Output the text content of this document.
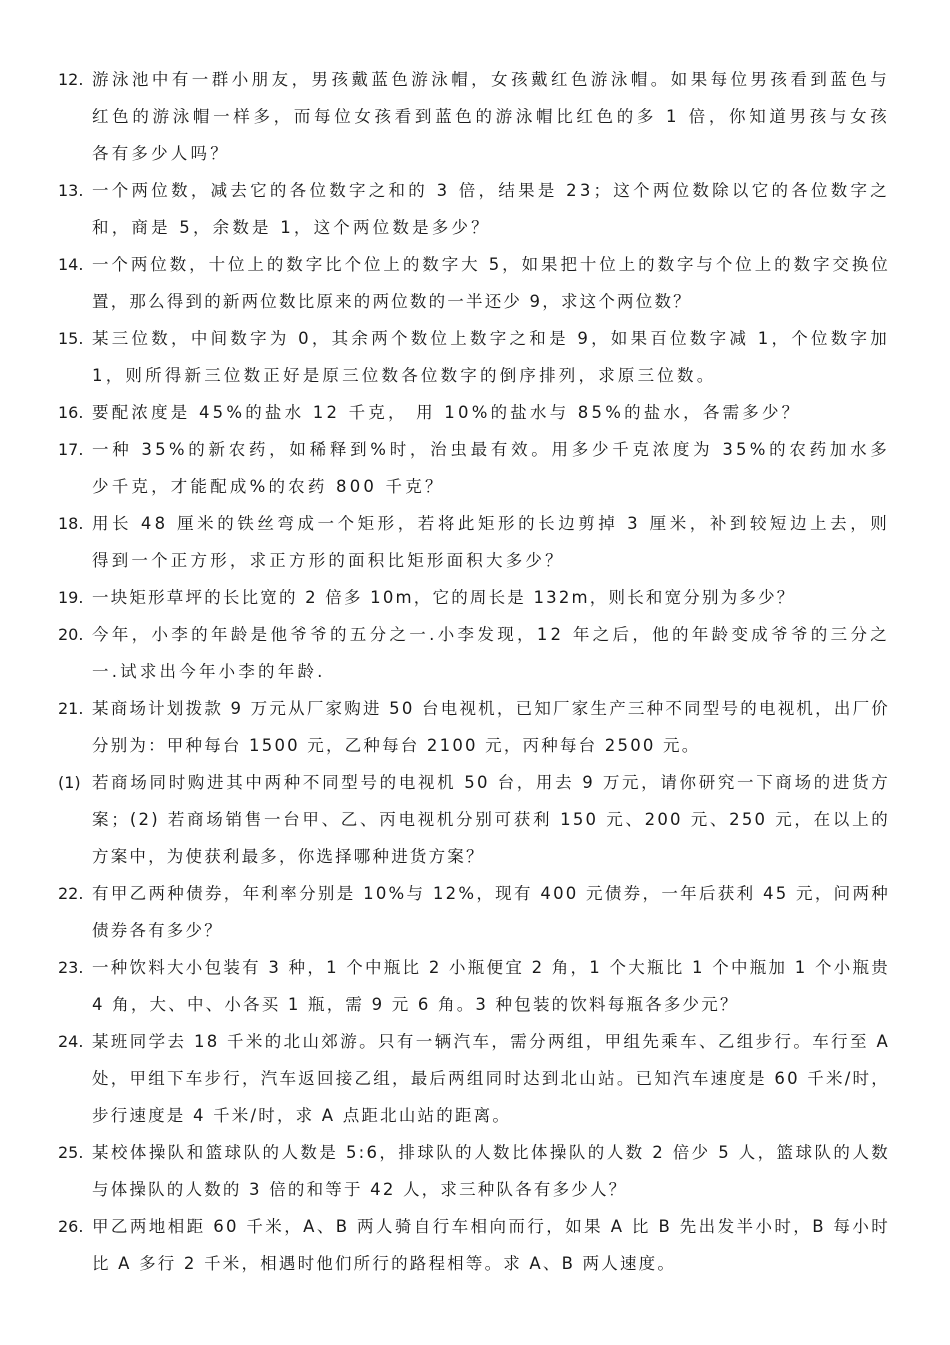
12. 游泳池中有一群小朋友，男孩戴蓝色游泳帽，女孩戴红色游泳帽。如果每位男孩看到蓝色与红色的游泳帽一样多，而每位女孩看到蓝色的游泳帽比红色的多 1 倍，你知道男孩与女孩各有多少人吗？
13. 一个两位数，减去它的各位数字之和的 3 倍，结果是 23；这个两位数除以它的各位数字之和，商是 5，余数是 1，这个两位数是多少？
14. 一个两位数，十位上的数字比个位上的数字大 5，如果把十位上的数字与个位上的数字交换位置，那么得到的新两位数比原来的两位数的一半还少 9，求这个两位数？
15. 某三位数，中间数字为 0，其余两个数位上数字之和是 9，如果百位数字减 1，个位数字加 1，则所得新三位数正好是原三位数各位数字的倒序排列，求原三位数。
16. 要配浓度是 45%的盐水 12 千克， 用 10%的盐水与 85%的盐水，各需多少？
17. 一种 35%的新农药，如稀释到%时，治虫最有效。用多少千克浓度为 35%的农药加水多少千克，才能配成%的农药 800 千克？
18. 用长 48 厘米的铁丝弯成一个矩形，若将此矩形的长边剪掉 3 厘米，补到较短边上去，则得到一个正方形，求正方形的面积比矩形面积大多少？
19. 一块矩形草坪的长比宽的 2 倍多 10m，它的周长是 132m，则长和宽分别为多少？
20. 今年，小李的年龄是他爷爷的五分之一.小李发现，12 年之后，他的年龄变成爷爷的三分之一.试求出今年小李的年龄.
21. 某商场计划拨款 9 万元从厂家购进 50 台电视机，已知厂家生产三种不同型号的电视机，出厂价分别为：甲种每台 1500 元，乙种每台 2100 元，丙种每台 2500 元。
(1) 若商场同时购进其中两种不同型号的电视机 50 台，用去 9 万元，请你研究一下商场的进货方案；(2) 若商场销售一台甲、乙、丙电视机分别可获利 150 元、200 元、250 元，在以上的方案中，为使获利最多，你选择哪种进货方案？
22. 有甲乙两种债券，年利率分别是 10%与 12%，现有 400 元债券，一年后获利 45 元，问两种债券各有多少？
23. 一种饮料大小包装有 3 种，1 个中瓶比 2 小瓶便宜 2 角，1 个大瓶比 1 个中瓶加 1 个小瓶贵 4 角，大、中、小各买 1 瓶，需 9 元 6 角。3 种包装的饮料每瓶各多少元？
24. 某班同学去 18 千米的北山郊游。只有一辆汽车，需分两组，甲组先乘车、乙组步行。车行至 A 处，甲组下车步行，汽车返回接乙组，最后两组同时达到北山站。已知汽车速度是 60 千米/时，步行速度是 4 千米/时，求 A 点距北山站的距离。
25. 某校体操队和篮球队的人数是 5:6，排球队的人数比体操队的人数 2 倍少 5 人，篮球队的人数与体操队的人数的 3 倍的和等于 42 人，求三种队各有多少人？
26. 甲乙两地相距 60 千米，A、B 两人骑自行车相向而行，如果 A 比 B 先出发半小时，B 每小时比 A 多行 2 千米，相遇时他们所行的路程相等。求 A、B 两人速度。
